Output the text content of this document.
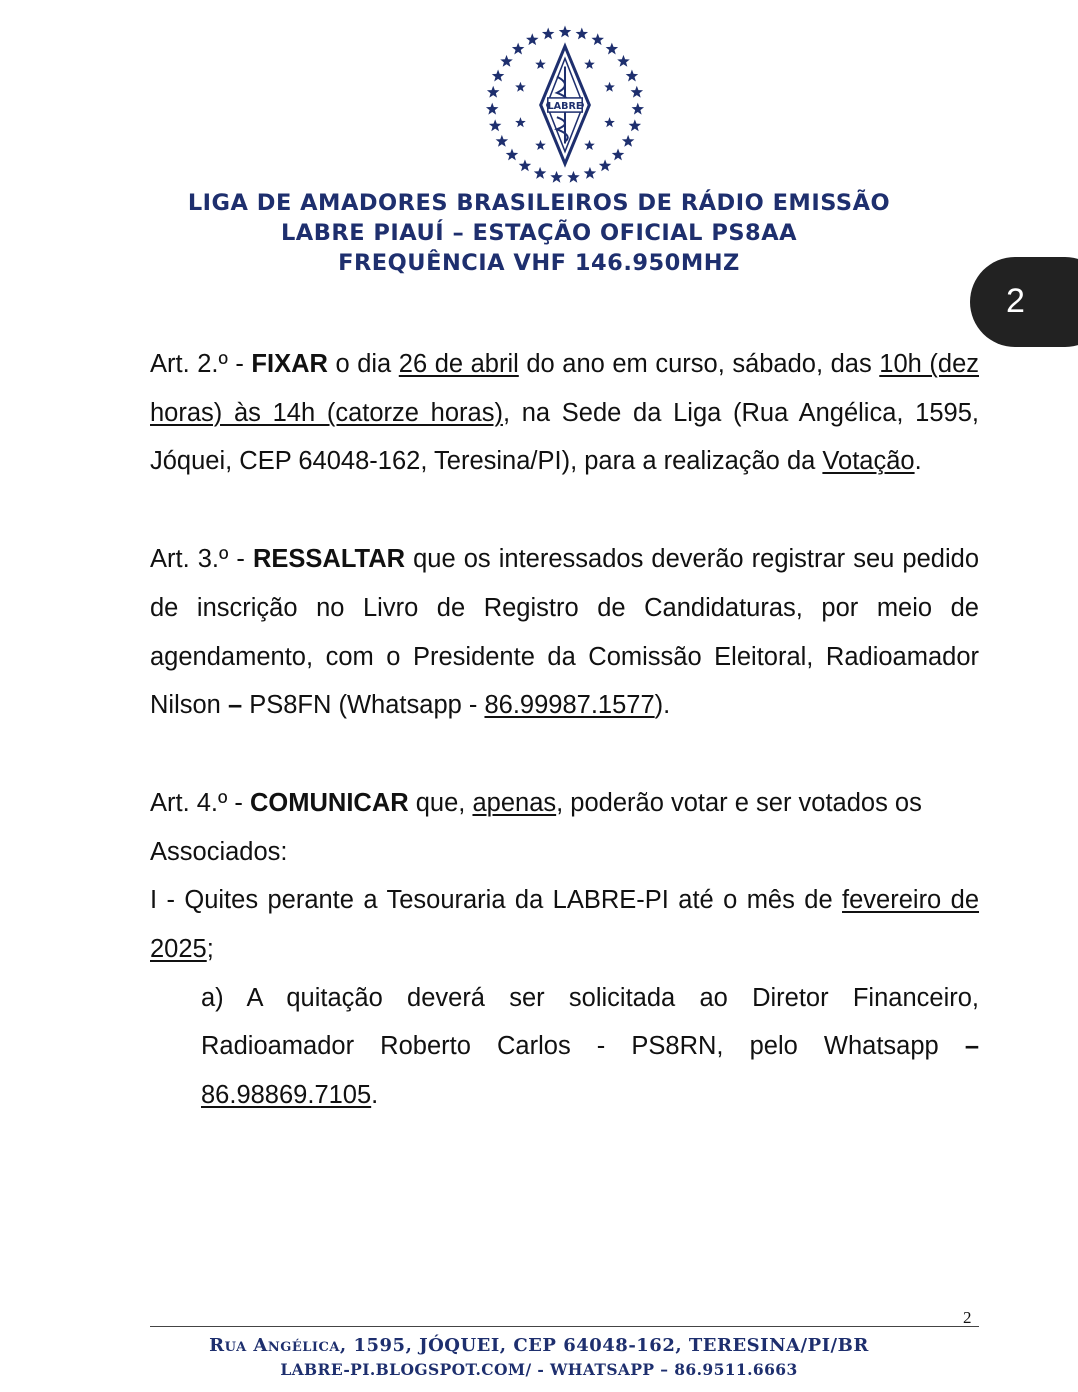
LABRE
LIGA DE AMADORES BRASILEIROS DE RÁDIO EMISSÃO
LABRE PIAUÍ – ESTAÇÃO OFICIAL PS8AA
FREQUÊNCIA VHF 146.950MHZ
2
Art. 2.º - FIXAR o dia 26 de abril do ano em curso, sábado, das 10h (dez horas) às 14h (catorze horas), na Sede da Liga (Rua Angélica, 1595, Jóquei, CEP 64048-162, Teresina/PI), para a realização da Votação.
Art. 3.º - RESSALTAR que os interessados deverão registrar seu pedido de inscrição no Livro de Registro de Candidaturas, por meio de agendamento, com o Presidente da Comissão Eleitoral, Radioamador Nilson – PS8FN (Whatsapp - 86.99987.1577).
Art. 4.º - COMUNICAR que, apenas, poderão votar e ser votados os Associados:
I - Quites perante a Tesouraria da LABRE-PI até o mês de fevereiro de 2025;
a) A quitação deverá ser solicitada ao Diretor Financeiro, Radioamador Roberto Carlos - PS8RN, pelo Whatsapp – 86.98869.7105.
2
Rua Angélica, 1595, JÓQUEI, CEP 64048-162, TERESINA/PI/BR
LABRE-PI.BLOGSPOT.COM/ - WHATSAPP – 86.9511.6663
